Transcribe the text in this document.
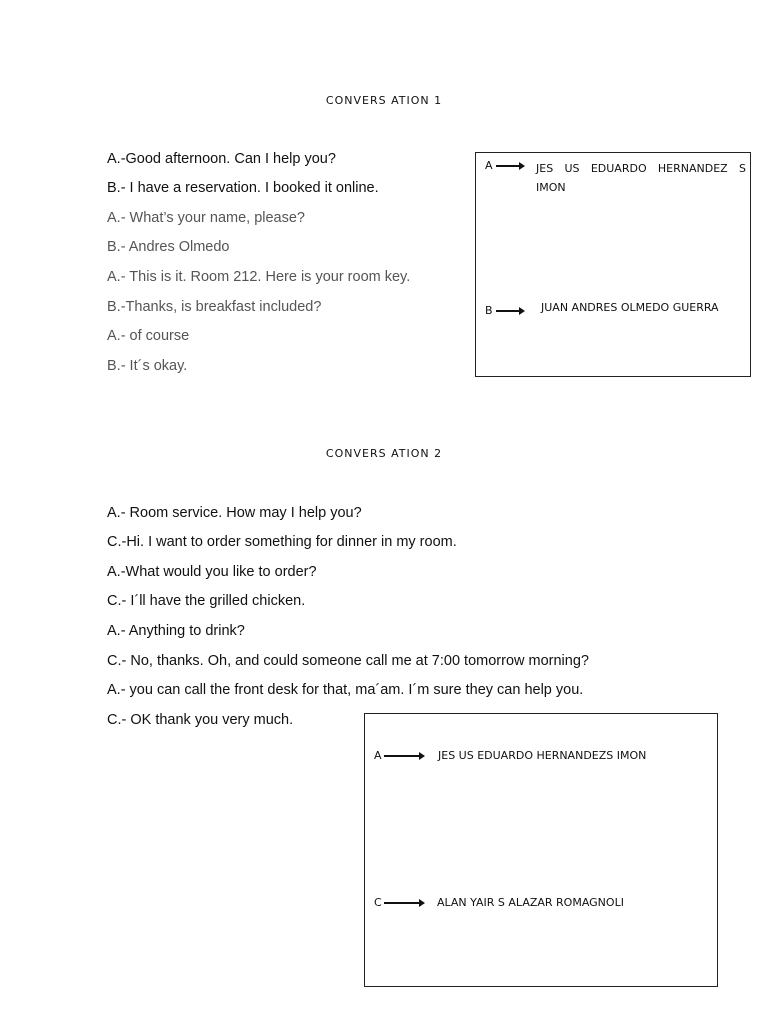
CONVERS ATION 1
A.-Good afternoon. Can I help you?
B.- I have a reservation. I booked it online.
A.- What’s your name, please?
B.- Andres Olmedo
A.- This is it. Room 212. Here is your room key.
B.-Thanks, is breakfast included?
A.- of course
B.- It´s okay.
A	JES US EDUARDO HERNANDEZ S IMON
B	JUAN ANDRES OLMEDO GUERRA
CONVERS ATION 2
A.- Room service. How may I help you?
C.-Hi. I want to order something for dinner in my room.
A.-What would you like to order?
C.- I´ll have the grilled chicken.
A.- Anything to drink?
C.- No, thanks. Oh, and could someone call me at 7:00 tomorrow morning?
A.- you can call the front desk for that, ma´am. I´m sure they can help you.
C.- OK thank you very much.
A	JES US EDUARDO HERNANDEZS IMON
C	ALAN YAIR S ALAZAR ROMAGNOLI
